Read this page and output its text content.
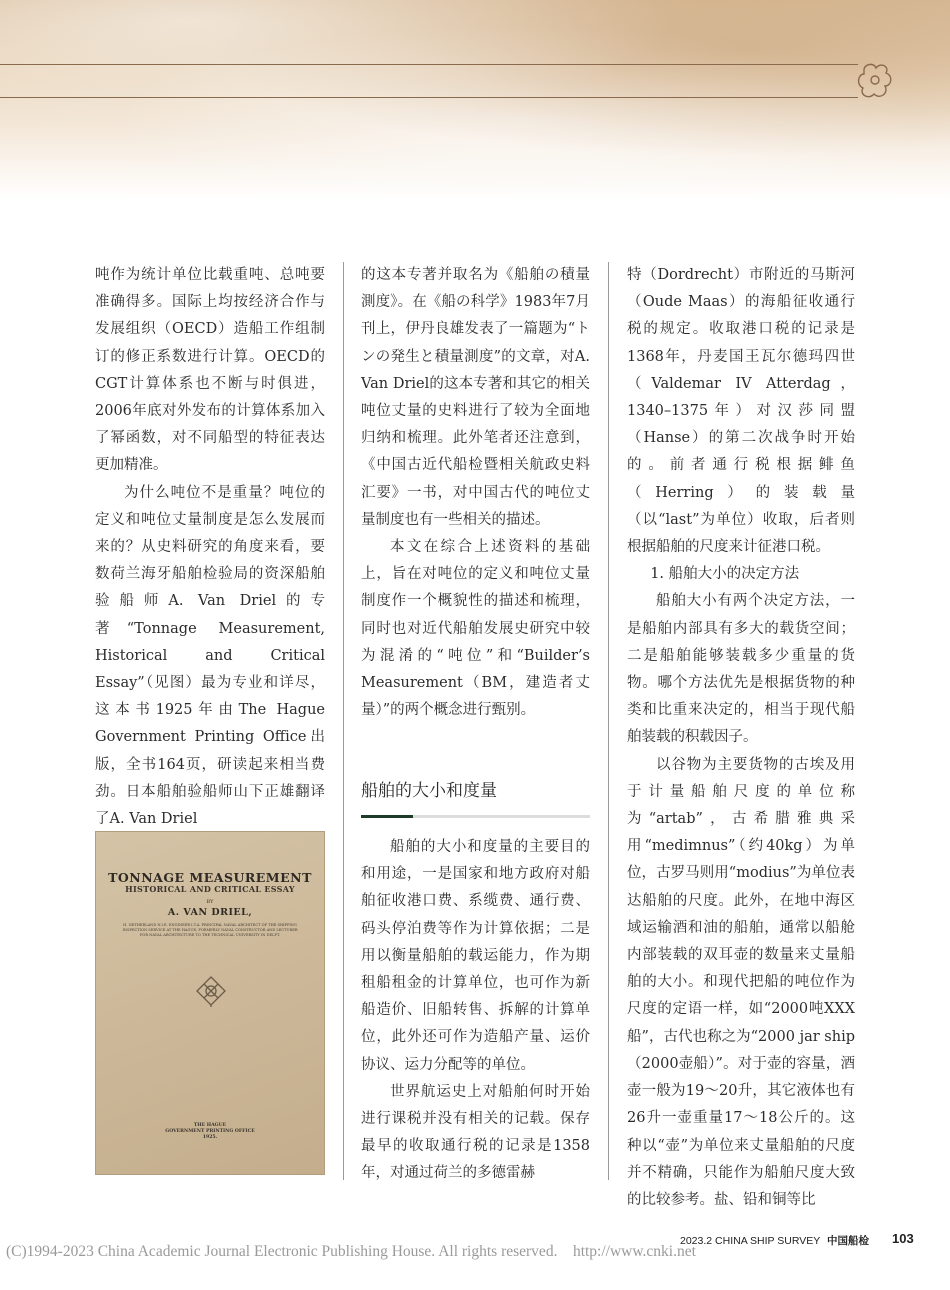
吨作为统计单位比载重吨、总吨要准确得多。国际上均按经济合作与发展组织（OECD）造船工作组制订的修正系数进行计算。OECD的CGT计算体系也不断与时俱进，2006年底对外发布的计算体系加入了幂函数，对不同船型的特征表达更加精准。

为什么吨位不是重量？吨位的定义和吨位丈量制度是怎么发展而来的？从史料研究的角度来看，要数荷兰海牙船舶检验局的资深船舶验船师A. Van Driel的专著“Tonnage Measurement, Historical and Critical Essay”（见图）最为专业和详尽，这本书1925年由The Hague Government Printing Office出版，全书164页，研读起来相当费劲。日本船舶验船师山下正雄翻译了A. Van Driel

TONNAGE MEASUREMENT
HISTORICAL AND CRITICAL ESSAY
BY
A. VAN DRIEL,
H. NETHERLAND N.I.E. ENGINEER I.T.A. PRINCIPAL NAVAL ARCHITECT OF THE SHIPPING INSPECTION SERVICE AT THE HAGUE; FORMERLY NAVAL CONSTRUCTOR AND LECTURER FOR NAVAL ARCHITECTURE TO THE TECHNICAL UNIVERSITY IN DELFT.
THE HAGUE
GOVERNMENT PRINTING OFFICE
1925.

的这本专著并取名为《船舶の積量測度》。在《船の科学》1983年7月刊上，伊丹良雄发表了一篇题为“トンの発生と積量測度”的文章，对A. Van Driel的这本专著和其它的相关吨位丈量的史料进行了较为全面地归纳和梳理。此外笔者还注意到，《中国古近代船检暨相关航政史料汇要》一书，对中国古代的吨位丈量制度也有一些相关的描述。

本文在综合上述资料的基础上，旨在对吨位的定义和吨位丈量制度作一个概貌性的描述和梳理，同时也对近代船舶发展史研究中较为混淆的“吨位”和“Builder’s Measurement（BM，建造者丈量）”的两个概念进行甄别。

船舶的大小和度量

船舶的大小和度量的主要目的和用途，一是国家和地方政府对船舶征收港口费、系缆费、通行费、码头停泊费等作为计算依据；二是用以衡量船舶的载运能力，作为期租船租金的计算单位，也可作为新船造价、旧船转售、拆解的计算单位，此外还可作为造船产量、运价协议、运力分配等的单位。

世界航运史上对船舶何时开始进行课税并没有相关的记载。保存最早的收取通行税的记录是1358年，对通过荷兰的多德雷赫

特（Dordrecht）市附近的马斯河（Oude Maas）的海船征收通行税的规定。收取港口税的记录是1368年，丹麦国王瓦尔德玛四世（Valdemar IV Atterdag，1340–1375年）对汉莎同盟（Hanse）的第二次战争时开始的。前者通行税根据鲱鱼（Herring）的装载量（以“last”为单位）收取，后者则根据船舶的尺度来计征港口税。

1. 船舶大小的决定方法

船舶大小有两个决定方法，一是船舶内部具有多大的载货空间；二是船舶能够装载多少重量的货物。哪个方法优先是根据货物的种类和比重来决定的，相当于现代船舶装载的积载因子。

以谷物为主要货物的古埃及用于计量船舶尺度的单位称为“artab”，古希腊雅典采用“medimnus”（约40kg）为单位，古罗马则用“modius”为单位表达船舶的尺度。此外，在地中海区域运输酒和油的船舶，通常以船舱内部装载的双耳壶的数量来丈量船舶的大小。和现代把船的吨位作为尺度的定语一样，如“2000吨XXX船”，古代也称之为“2000 jar ship（2000壶船）”。对于壶的容量，酒壶一般为19～20升，其它液体也有26升一壶重量17～18公斤的。这种以“壶”为单位来丈量船舶的尺度并不精确，只能作为船舶尺度大致的比较参考。盐、铅和铜等比

2023.2 CHINA SHIP SURVEY 中国船检 103
(C)1994-2023 China Academic Journal Electronic Publishing House. All rights reserved.    http://www.cnki.net
